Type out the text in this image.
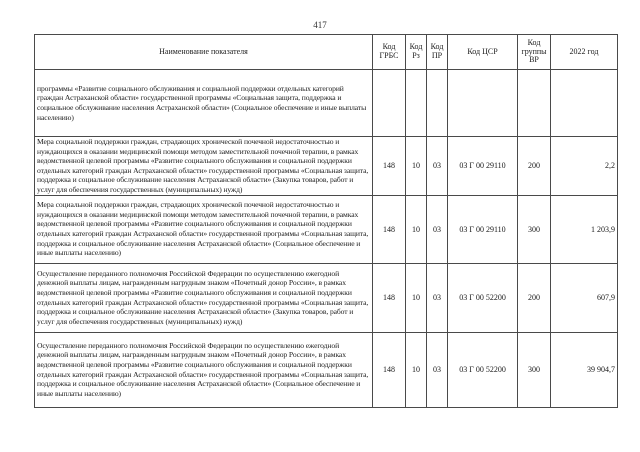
417
Наименование показателя	Код ГРБС	Код Рз	Код ПР	Код ЦСР	Код группы ВР	2022 год
программы «Развитие социального обслуживания и социальной поддержки отдельных категорий граждан Астраханской области» государственной программы «Социальная защита, поддержка и социальное обслуживание населения Астраханской области» (Социальное обеспечение и иные выплаты населению)						
Мера социальной поддержки граждан, страдающих хронической почечной недостаточностью и нуждающихся в оказании медицинской помощи методом заместительной почечной терапии, в рамках ведомственной целевой программы «Развитие социального обслуживания и социальной поддержки отдельных категорий граждан Астраханской области» государственной программы «Социальная защита, поддержка и социальное обслуживание населения Астраханской области» (Закупка товаров, работ и услуг для обеспечения государственных (муниципальных) нужд)	148	10	03	03 Г 00 29110	200	2,2
Мера социальной поддержки граждан, страдающих хронической почечной недостаточностью и нуждающихся в оказании медицинской помощи методом заместительной почечной терапии, в рамках ведомственной целевой программы «Развитие социального обслуживания и социальной поддержки отдельных категорий граждан Астраханской области» государственной программы «Социальная защита, поддержка и социальное обслуживание населения Астраханской области» (Социальное обеспечение и иные выплаты населению)	148	10	03	03 Г 00 29110	300	1 203,9
Осуществление переданного полномочия Российской Федерации по осуществлению ежегодной денежной выплаты лицам, награжденным нагрудным знаком «Почетный донор России», в рамках ведомственной целевой программы «Развитие социального обслуживания и социальной поддержки отдельных категорий граждан Астраханской области» государственной программы «Социальная защита, поддержка и социальное обслуживание населения Астраханской области» (Закупка товаров, работ и услуг для обеспечения государственных (муниципальных) нужд)	148	10	03	03 Г 00 52200	200	607,9
Осуществление переданного полномочия Российской Федерации по осуществлению ежегодной денежной выплаты лицам, награжденным нагрудным знаком «Почетный донор России», в рамках ведомственной целевой программы «Развитие социального обслуживания и социальной поддержки отдельных категорий граждан Астраханской области» государственной программы «Социальная защита, поддержка и социальное обслуживание населения Астраханской области» (Социальное обеспечение и иные выплаты населению)	148	10	03	03 Г 00 52200	300	39 904,7
